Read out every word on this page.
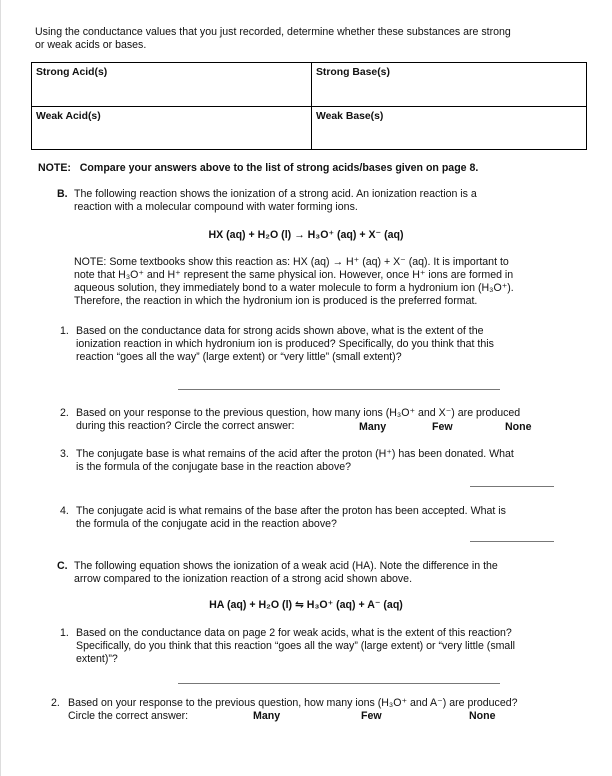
Using the conductance values that you just recorded, determine whether these substances are strong

or weak acids or bases.

Strong Acid(s)	Strong Base(s)
Weak Acid(s)	Weak Base(s)

NOTE:   Compare your answers above to the list of strong acids/bases given on page 8.

B. The following reaction shows the ionization of a strong acid. An ionization reaction is a

reaction with a molecular compound with water forming ions.

HX (aq) + H₂O (l) → H₃O⁺ (aq) + X⁻ (aq)

NOTE: Some textbooks show this reaction as: HX (aq) → H⁺ (aq) + X⁻ (aq). It is important to

note that H₃O⁺ and H⁺ represent the same physical ion. However, once H⁺ ions are formed in

aqueous solution, they immediately bond to a water molecule to form a hydronium ion (H₃O⁺).

Therefore, the reaction in which the hydronium ion is produced is the preferred format.

1. Based on the conductance data for strong acids shown above, what is the extent of the

ionization reaction in which hydronium ion is produced? Specifically, do you think that this

reaction “goes all the way” (large extent) or “very little” (small extent)?

2. Based on your response to the previous question, how many ions (H₃O⁺ and X⁻) are produced

during this reaction? Circle the correct answer:	Many	Few	None
3. The conjugate base is what remains of the acid after the proton (H⁺) has been donated. What

is the formula of the conjugate base in the reaction above?

4. The conjugate acid is what remains of the base after the proton has been accepted. What is

the formula of the conjugate acid in the reaction above?

C. The following equation shows the ionization of a weak acid (HA). Note the difference in the

arrow compared to the ionization reaction of a strong acid shown above.

HA (aq) + H₂O (l) ⇋ H₃O⁺ (aq) + A⁻ (aq)

1. Based on the conductance data on page 2 for weak acids, what is the extent of this reaction?

Specifically, do you think that this reaction “goes all the way” (large extent) or “very little (small

extent)”?

2. Based on your response to the previous question, how many ions (H₃O⁺ and A⁻) are produced?

Circle the correct answer:	Many	Few	None
